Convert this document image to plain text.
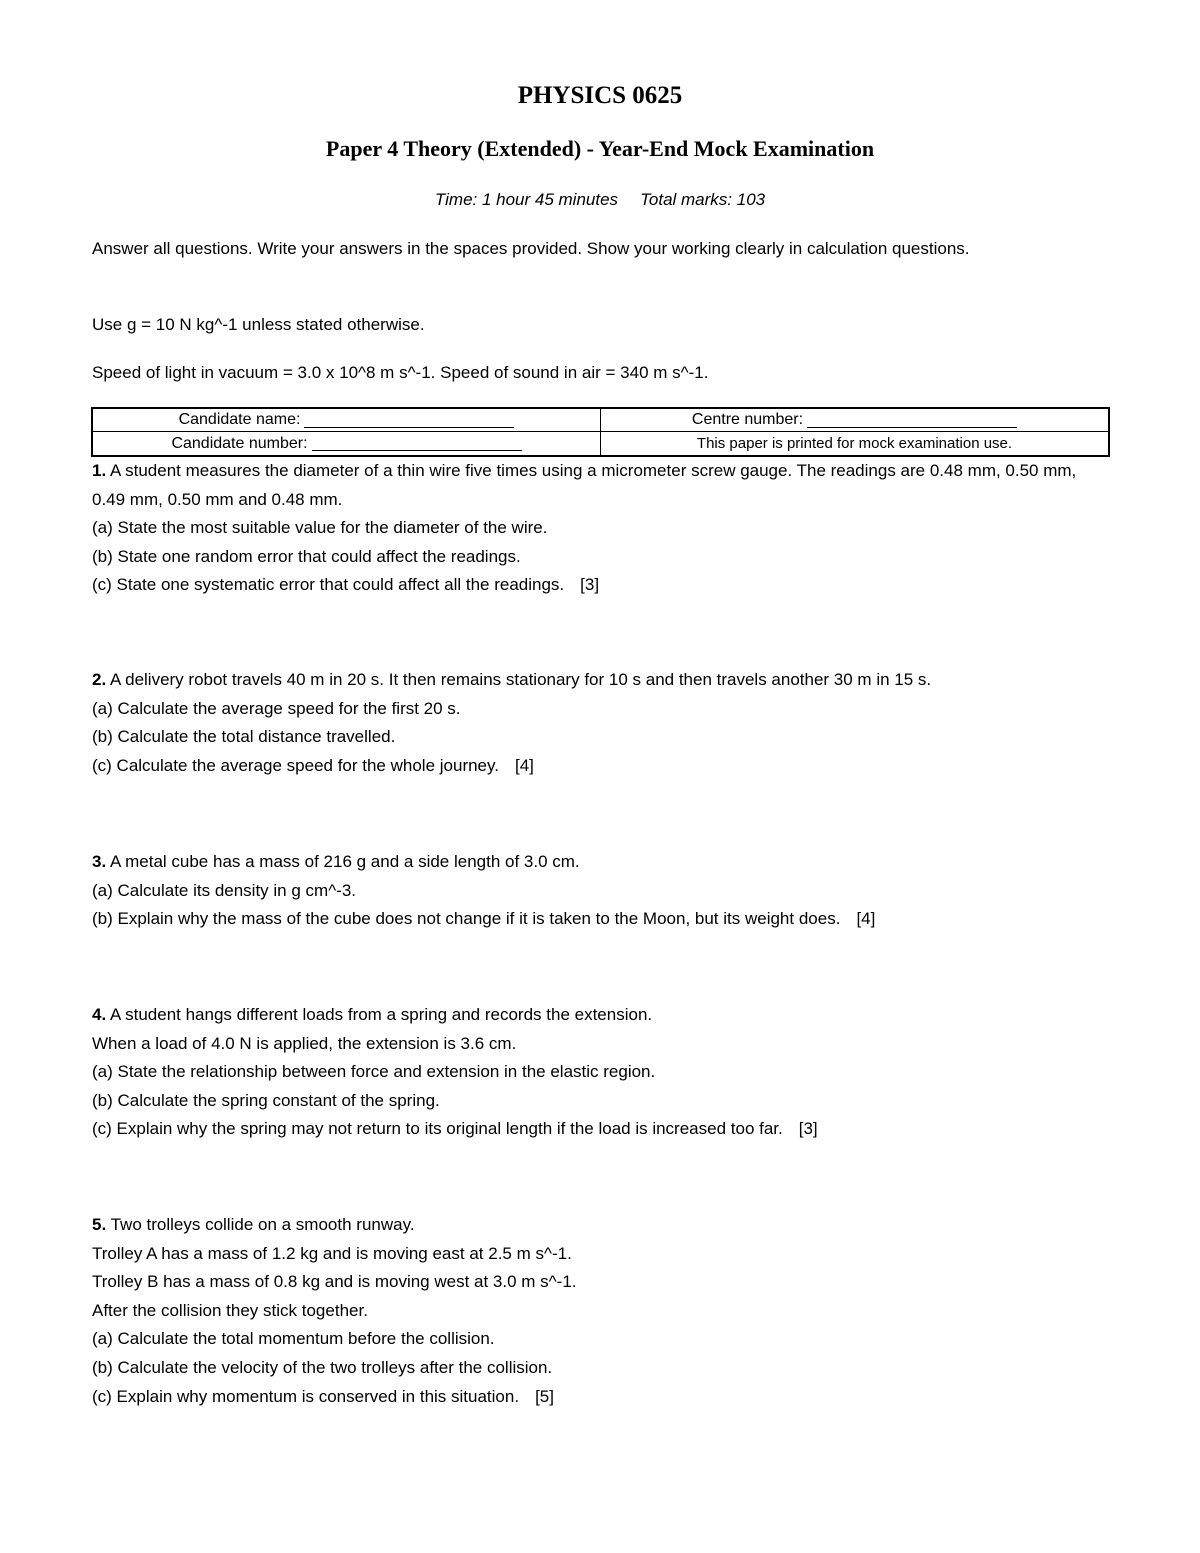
PHYSICS 0625
Paper 4 Theory (Extended) - Year-End Mock Examination
Time: 1 hour 45 minutes Total marks: 103
Answer all questions. Write your answers in the spaces provided. Show your working clearly in calculation questions.
Use g = 10 N kg^-1 unless stated otherwise.
Speed of light in vacuum = 3.0 x 10^8 m s^-1. Speed of sound in air = 340 m s^-1.
Candidate name:	Centre number:
Candidate number:	This paper is printed for mock examination use.
1. A student measures the diameter of a thin wire five times using a micrometer screw gauge. The readings are 0.48 mm, 0.50 mm, 0.49 mm, 0.50 mm and 0.48 mm.
(a) State the most suitable value for the diameter of the wire.
(b) State one random error that could affect the readings.
(c) State one systematic error that could affect all the readings. [3]
2. A delivery robot travels 40 m in 20 s. It then remains stationary for 10 s and then travels another 30 m in 15 s.
(a) Calculate the average speed for the first 20 s.
(b) Calculate the total distance travelled.
(c) Calculate the average speed for the whole journey. [4]
3. A metal cube has a mass of 216 g and a side length of 3.0 cm.
(a) Calculate its density in g cm^-3.
(b) Explain why the mass of the cube does not change if it is taken to the Moon, but its weight does. [4]
4. A student hangs different loads from a spring and records the extension.
When a load of 4.0 N is applied, the extension is 3.6 cm.
(a) State the relationship between force and extension in the elastic region.
(b) Calculate the spring constant of the spring.
(c) Explain why the spring may not return to its original length if the load is increased too far. [3]
5. Two trolleys collide on a smooth runway.
Trolley A has a mass of 1.2 kg and is moving east at 2.5 m s^-1.
Trolley B has a mass of 0.8 kg and is moving west at 3.0 m s^-1.
After the collision they stick together.
(a) Calculate the total momentum before the collision.
(b) Calculate the velocity of the two trolleys after the collision.
(c) Explain why momentum is conserved in this situation. [5]
